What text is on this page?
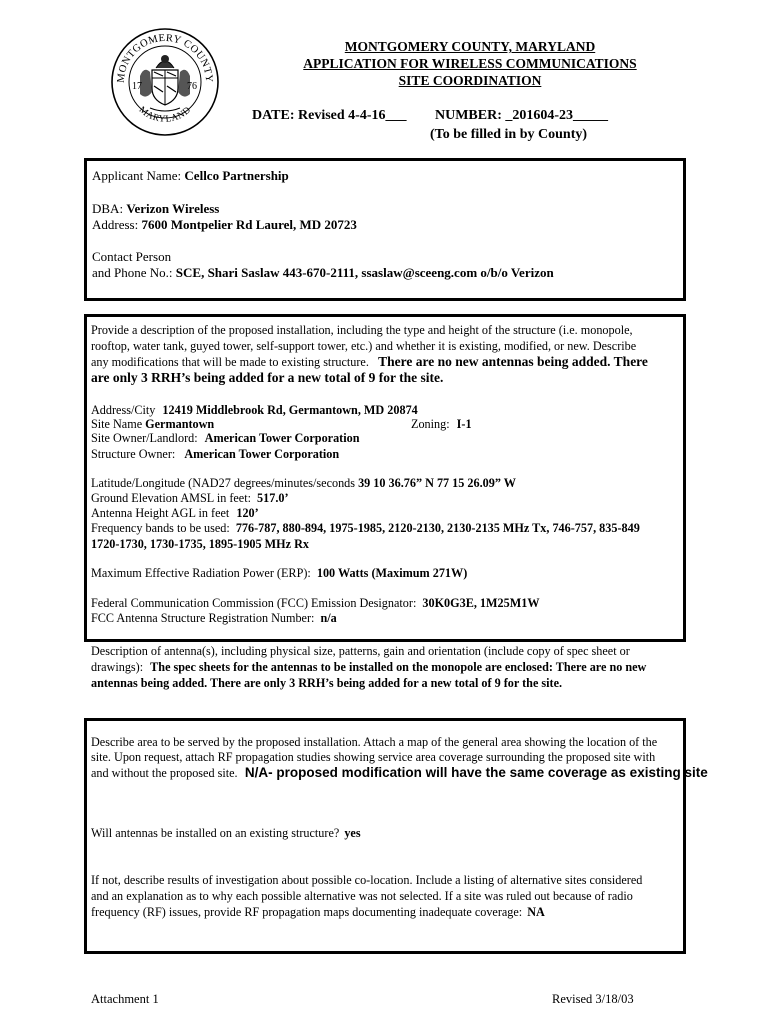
MONTGOMERY COUNTY
MARYLAND
17	76
MONTGOMERY COUNTY, MARYLAND
APPLICATION FOR WIRELESS COMMUNICATIONS
SITE COORDINATION
DATE: Revised 4-4-16___ NUMBER: _201604-23_____
(To be filled in by County)
Applicant Name: Cellco Partnership
DBA: Verizon Wireless
Address: 7600 Montpelier Rd Laurel, MD 20723
Contact Person
and Phone No.: SCE, Shari Saslaw 443-670-2111, ssaslaw@sceeng.com o/b/o Verizon
Provide a description of the proposed installation, including the type and height of the structure (i.e. monopole,
rooftop, water tank, guyed tower, self-support tower, etc.) and whether it is existing, modified, or new. Describe
any modifications that will be made to existing structure. There are no new antennas being added. There
are only 3 RRH’s being added for a new total of 9 for the site.
Address/City 12419 Middlebrook Rd, Germantown, MD 20874
Site Name Germantown	Zoning: I-1
Site Owner/Landlord: American Tower Corporation
Structure Owner: American Tower Corporation
Latitude/Longitude (NAD27 degrees/minutes/seconds 39 10 36.76” N 77 15 26.09” W
Ground Elevation AMSL in feet: 517.0’
Antenna Height AGL in feet 120’
Frequency bands to be used: 776-787, 880-894, 1975-1985, 2120-2130, 2130-2135 MHz Tx, 746-757, 835-849
1720-1730, 1730-1735, 1895-1905 MHz Rx
Maximum Effective Radiation Power (ERP): 100 Watts (Maximum 271W)
Federal Communication Commission (FCC) Emission Designator: 30K0G3E, 1M25M1W
FCC Antenna Structure Registration Number: n/a
Description of antenna(s), including physical size, patterns, gain and orientation (include copy of spec sheet or
drawings): The spec sheets for the antennas to be installed on the monopole are enclosed: There are no new
antennas being added. There are only 3 RRH’s being added for a new total of 9 for the site.
Describe area to be served by the proposed installation. Attach a map of the general area showing the location of the
site. Upon request, attach RF propagation studies showing service area coverage surrounding the proposed site with
and without the proposed site. N/A- proposed modification will have the same coverage as existing site
Will antennas be installed on an existing structure? yes
If not, describe results of investigation about possible co-location. Include a listing of alternative sites considered
and an explanation as to why each possible alternative was not selected. If a site was ruled out because of radio
frequency (RF) issues, provide RF propagation maps documenting inadequate coverage: NA
Attachment 1	Revised 3/18/03
